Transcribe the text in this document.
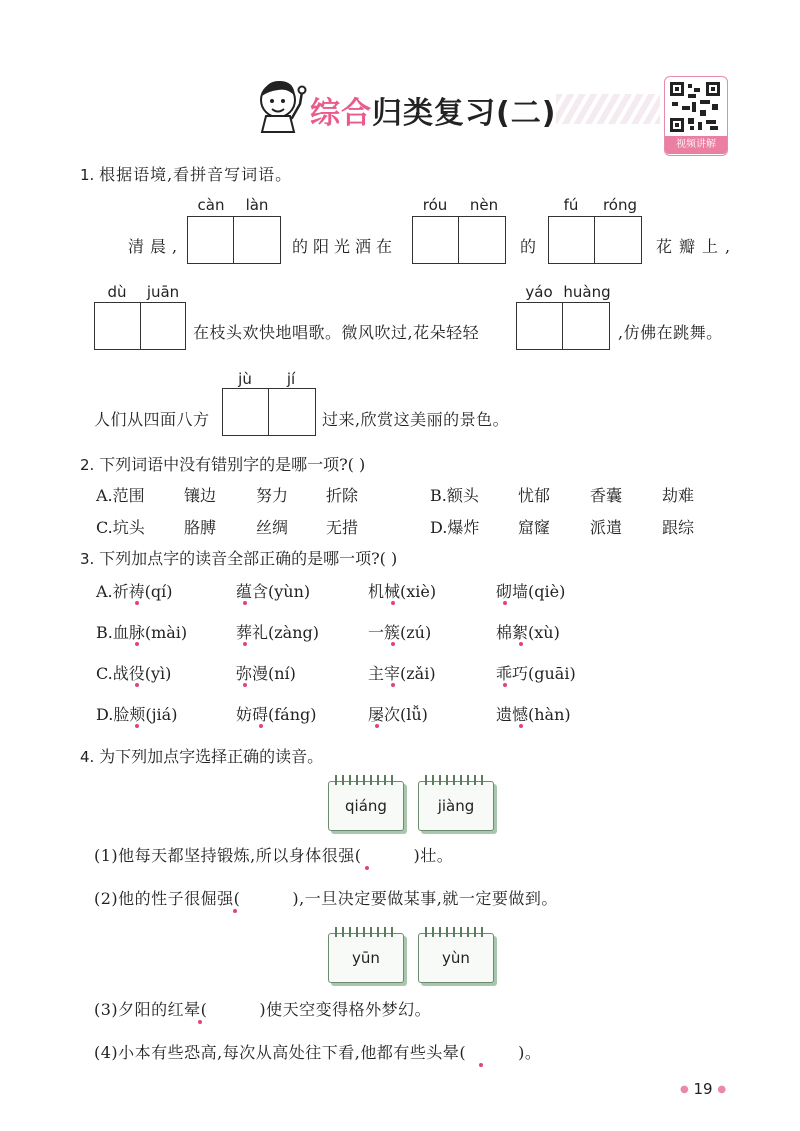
综合归类复习(二)
视频讲解
1. 根据语境,看拼音写词语。
càn	làn	róu	nèn	fú	róng
清晨,	的阳光洒在	的	花瓣上,
dù	juān	yáo huàng
在枝头欢快地唱歌。微风吹过,花朵轻轻	,仿佛在跳舞。
jù	jí
人们从四面八方	过来,欣赏这美丽的景色。
2. 下列词语中没有错别字的是哪一项?( )
A.范围 镶边 努力 折除	B.额头 忧郁 香囊 劫难
C.坑头 胳膊 丝绸 无措	D.爆炸 窟窿 派遣 跟综
3. 下列加点字的读音全部正确的是哪一项?( )
A.祈祷(qí)	蕴含(yùn)	机械(xiè)	砌墙(qiè)
B.血脉(mài)	葬礼(zàng)	一簇(zú)	棉絮(xù)
C.战役(yì)	弥漫(ní)	主宰(zǎi)	乖巧(guāi)
D.脸颊(jiá)	妨碍(fáng)	屡次(lǚ)	遗憾(hàn)
4. 为下列加点字选择正确的读音。
qiáng	jiàng
(1)他每天都坚持锻炼,所以身体很强(	)壮。
(2)他的性子很倔强(	),一旦决定要做某事,就一定要做到。
yūn	yùn
(3)夕阳的红晕(	)使天空变得格外梦幻。
(4)小本有些恐高,每次从高处往下看,他都有些头晕(	)。
● 19 ●
